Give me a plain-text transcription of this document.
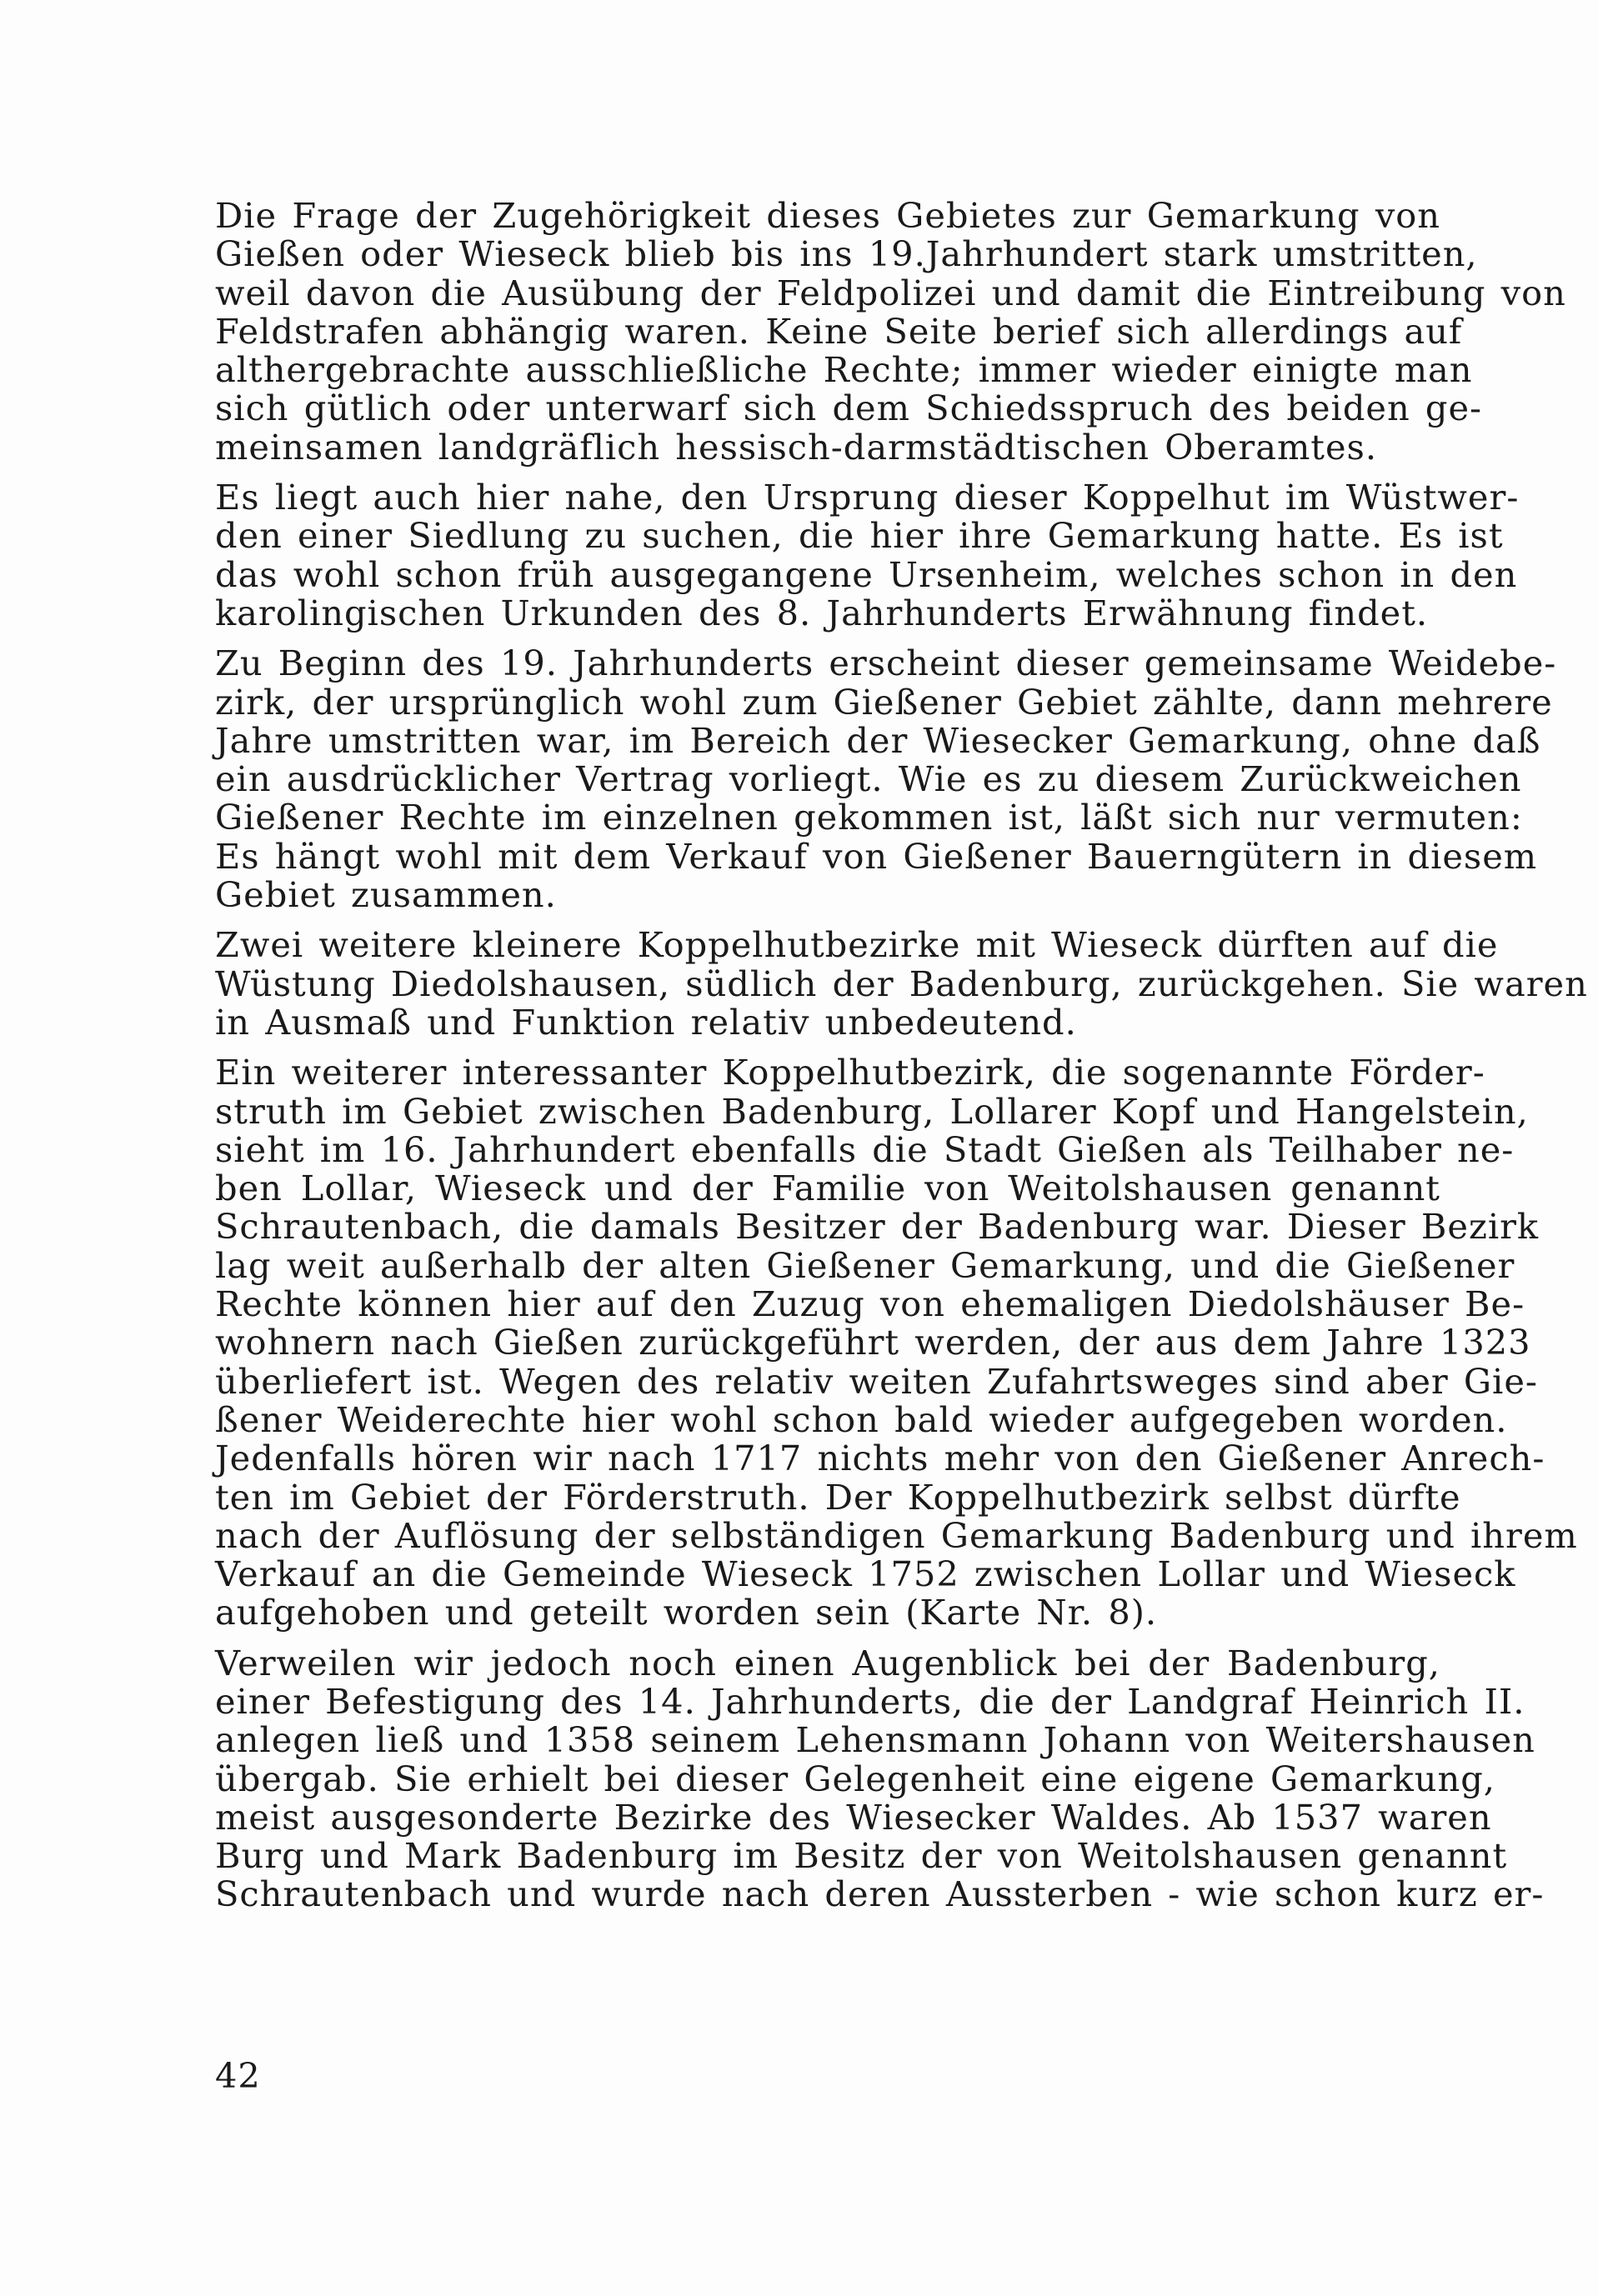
Die Frage der Zugehörigkeit dieses Gebietes zur Gemarkung von
Gießen oder Wieseck blieb bis ins 19.Jahrhundert stark umstritten,
weil davon die Ausübung der Feldpolizei und damit die Eintreibung von
Feldstrafen abhängig waren. Keine Seite berief sich allerdings auf
althergebrachte ausschließliche Rechte; immer wieder einigte man
sich gütlich oder unterwarf sich dem Schiedsspruch des beiden ge-
meinsamen landgräflich hessisch-darmstädtischen Oberamtes.
Es liegt auch hier nahe, den Ursprung dieser Koppelhut im Wüstwer-
den einer Siedlung zu suchen, die hier ihre Gemarkung hatte. Es ist
das wohl schon früh ausgegangene Ursenheim, welches schon in den
karolingischen Urkunden des 8. Jahrhunderts Erwähnung findet.
Zu Beginn des 19. Jahrhunderts erscheint dieser gemeinsame Weidebe-
zirk, der ursprünglich wohl zum Gießener Gebiet zählte, dann mehrere
Jahre umstritten war, im Bereich der Wiesecker Gemarkung, ohne daß
ein ausdrücklicher Vertrag vorliegt. Wie es zu diesem Zurückweichen
Gießener Rechte im einzelnen gekommen ist, läßt sich nur vermuten:
Es hängt wohl mit dem Verkauf von Gießener Bauerngütern in diesem
Gebiet zusammen.
Zwei weitere kleinere Koppelhutbezirke mit Wieseck dürften auf die
Wüstung Diedolshausen, südlich der Badenburg, zurückgehen. Sie waren
in Ausmaß und Funktion relativ unbedeutend.
Ein weiterer interessanter Koppelhutbezirk, die sogenannte Förder-
struth im Gebiet zwischen Badenburg, Lollarer Kopf und Hangelstein,
sieht im 16. Jahrhundert ebenfalls die Stadt Gießen als Teilhaber ne-
ben Lollar, Wieseck und der Familie von Weitolshausen genannt
Schrautenbach, die damals Besitzer der Badenburg war. Dieser Bezirk
lag weit außerhalb der alten Gießener Gemarkung, und die Gießener
Rechte können hier auf den Zuzug von ehemaligen Diedolshäuser Be-
wohnern nach Gießen zurückgeführt werden, der aus dem Jahre 1323
überliefert ist. Wegen des relativ weiten Zufahrtsweges sind aber Gie-
ßener Weiderechte hier wohl schon bald wieder aufgegeben worden.
Jedenfalls hören wir nach 1717 nichts mehr von den Gießener Anrech-
ten im Gebiet der Förderstruth. Der Koppelhutbezirk selbst dürfte
nach der Auflösung der selbständigen Gemarkung Badenburg und ihrem
Verkauf an die Gemeinde Wieseck 1752 zwischen Lollar und Wieseck
aufgehoben und geteilt worden sein (Karte Nr. 8).
Verweilen wir jedoch noch einen Augenblick bei der Badenburg,
einer Befestigung des 14. Jahrhunderts, die der Landgraf Heinrich II.
anlegen ließ und 1358 seinem Lehensmann Johann von Weitershausen
übergab. Sie erhielt bei dieser Gelegenheit eine eigene Gemarkung,
meist ausgesonderte Bezirke des Wiesecker Waldes. Ab 1537 waren
Burg und Mark Badenburg im Besitz der von Weitolshausen genannt
Schrautenbach und wurde nach deren Aussterben - wie schon kurz er-
42
